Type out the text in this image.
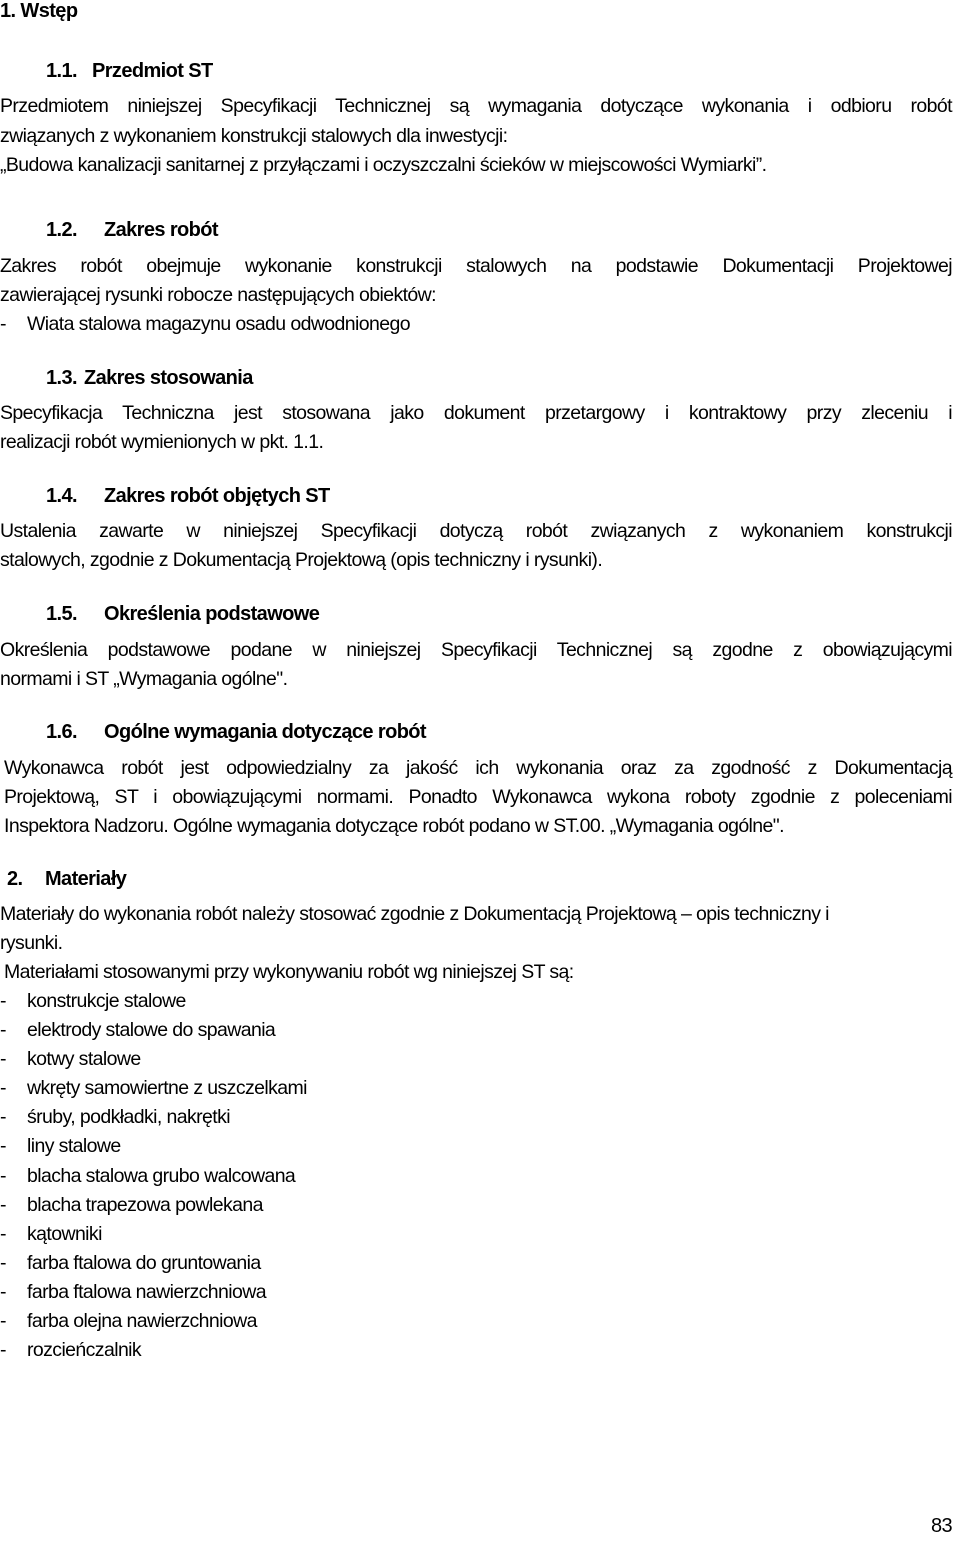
1. Wstęp
1.1. Przedmiot ST
Przedmiotem niniejszej Specyfikacji Technicznej są wymagania dotyczące wykonania i odbioru robót
związanych z wykonaniem konstrukcji stalowych dla inwestycji:
„Budowa kanalizacji sanitarnej z przyłączami i oczyszczalni ścieków w miejscowości Wymiarki”.
1.2. Zakres robót
Zakres robót obejmuje wykonanie konstrukcji stalowych na podstawie Dokumentacji Projektowej
zawierającej rysunki robocze następujących obiektów:
- Wiata stalowa magazynu osadu odwodnionego
1.3. Zakres stosowania
Specyfikacja Techniczna jest stosowana jako dokument przetargowy i kontraktowy przy zleceniu i
realizacji robót wymienionych w pkt. 1.1.
1.4. Zakres robót objętych ST
Ustalenia zawarte w niniejszej Specyfikacji dotyczą robót związanych z wykonaniem konstrukcji
stalowych, zgodnie z Dokumentacją Projektową (opis techniczny i rysunki).
1.5. Określenia podstawowe
Określenia podstawowe podane w niniejszej Specyfikacji Technicznej są zgodne z obowiązującymi
normami i ST „Wymagania ogólne".
1.6. Ogólne wymagania dotyczące robót
Wykonawca robót jest odpowiedzialny za jakość ich wykonania oraz za zgodność z Dokumentacją
Projektową, ST i obowiązującymi normami. Ponadto Wykonawca wykona roboty zgodnie z poleceniami
Inspektora Nadzoru. Ogólne wymagania dotyczące robót podano w ST.00. „Wymagania ogólne".
2. Materiały
Materiały do wykonania robót należy stosować zgodnie z Dokumentacją Projektową – opis techniczny i
rysunki.
Materiałami stosowanymi przy wykonywaniu robót wg niniejszej ST są:
- konstrukcje stalowe
- elektrody stalowe do spawania
- kotwy stalowe
- wkręty samowiertne z uszczelkami
- śruby, podkładki, nakrętki
- liny stalowe
- blacha stalowa grubo walcowana
- blacha trapezowa powlekana
- kątowniki
- farba ftalowa do gruntowania
- farba ftalowa nawierzchniowa
- farba olejna nawierzchniowa
- rozcieńczalnik
83
